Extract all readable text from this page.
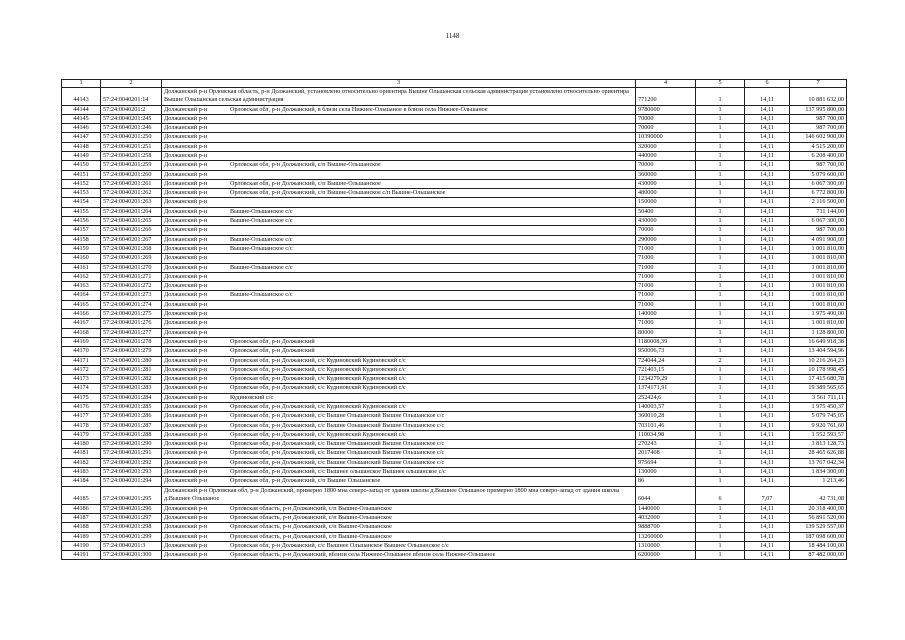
1148
1	2	3	4	5	6	7
44143	57:24:0040201:14	Должанский р-н Орловская область, р-н Должанский, установлено относительно ориентира Вышне Ольшанская сельская администрация установлено относительно ориентира Вышне Ольшанская сельская администрация	771200	1	14,11	10 881 632,00
44144	57:24:0040201:2	Должанский р-н Орловская обл, р-н Должанский, в близи села Нижнее-Ольшаное в близи села Нижнее-Ольшаное	9780000	1	14,11	137 995 800,00
44145	57:24:0040201:245	Должанский р-н	70000	1	14,11	987 700,00
44146	57:24:0040201:246	Должанский р-н	70000	1	14,11	987 700,00
44147	57:24:0040201:250	Должанский р-н	10390000	1	14,11	146 602 900,00
44148	57:24:0040201:251	Должанский р-н	320000	1	14,11	4 515 200,00
44149	57:24:0040201:258	Должанский р-н	440000	1	14,11	6 208 400,00
44150	57:24:0040201:259	Должанский р-н Орловская обл, р-н Должанский, с/п Вышне-Ольшанское	70000	1	14,11	987 700,00
44151	57:24:0040201:260	Должанский р-н	360000	1	14,11	5 079 600,00
44152	57:24:0040201:261	Должанский р-н Орловская обл, р-н Должанский, с/п Вышне-Ольшанское	430000	1	14,11	6 067 300,00
44153	57:24:0040201:262	Должанский р-н Орловская обл, р-н Должанский, с/п Вышне-Ольшанское с/п Вышне-Ольшанское	480000	1	14,11	6 772 800,00
44154	57:24:0040201:263	Должанский р-н	150000	1	14,11	2 116 500,00
44155	57:24:0040201:264	Должанский р-н Вышне-Ольшанское с/с	50400	1	14,11	711 144,00
44156	57:24:0040201:265	Должанский р-н Вышне-Ольшанское с/с	430000	1	14,11	6 067 300,00
44157	57:24:0040201:266	Должанский р-н	70000	1	14,11	987 700,00
44158	57:24:0040201:267	Должанский р-н Вышне-Ольшанское с/с	290000	1	14,11	4 091 900,00
44159	57:24:0040201:268	Должанский р-н Вышне-Ольшанское с/с	71000	1	14,11	1 001 810,00
44160	57:24:0040201:269	Должанский р-н	71000	1	14,11	1 001 810,00
44161	57:24:0040201:270	Должанский р-н Вышне-Ольшанское с/с	71000	1	14,11	1 001 810,00
44162	57:24:0040201:271	Должанский р-н	71000	1	14,11	1 001 810,00
44163	57:24:0040201:272	Должанский р-н	71000	1	14,11	1 001 810,00
44164	57:24:0040201:273	Должанский р-н Вышне-Ольшанское с/с	71000	1	14,11	1 001 810,00
44165	57:24:0040201:274	Должанский р-н	71000	1	14,11	1 001 810,00
44166	57:24:0040201:275	Должанский р-н	140000	1	14,11	1 975 400,00
44167	57:24:0040201:276	Должанский р-н	71000	1	14,11	1 001 810,00
44168	57:24:0040201:277	Должанский р-н	80000	1	14,11	1 128 800,00
44169	57:24:0040201:278	Должанский р-н Орловская обл, р-н Должанский	1180008,39	1	14,11	16 649 918,38
44170	57:24:0040201:279	Должанский р-н Орловская обл, р-н Должанский	950006,73	1	14,11	13 404 594,96
44171	57:24:0040201:280	Должанский р-н Орловская обл, р-н Должанский, с/с Кудиновский Кудиновский с/с	724044,24	2	14,11	10 216 264,23
44172	57:24:0040201:281	Должанский р-н Орловская обл, р-н Должанский, с/с Кудиновский Кудиновский с/с	721403,15	1	14,11	10 178 998,45
44173	57:24:0040201:282	Должанский р-н Орловская обл, р-н Должанский, с/с Кудиновский Кудиновский с/с	1234279,29	1	14,11	17 415 680,78
44174	57:24:0040201:283	Должанский р-н Орловская обл, р-н Должанский, с/с Кудиновский Кудиновский с/с	1374171,91	1	14,11	19 389 565,65
44175	57:24:0040201:284	Должанский р-н Кудиновский с/с	252424,6	1	14,11	3 561 711,11
44176	57:24:0040201:285	Должанский р-н Орловская обл, р-н Должанский, с/с Кудиновский Кудиновский с/с	140003,57	1	14,11	1 975 450,37
44177	57:24:0040201:286	Должанский р-н Орловская обл, р-н Должанский, с/с Вышне Ольшанский Вышне Ольшанское с/с	360010,28	1	14,11	5 079 745,05
44178	57:24:0040201:287	Должанский р-н Орловская обл, р-н Должанский, с/с Вышне Ольшанский Вышне Ольшанское с/с	703101,46	1	14,11	9 920 761,60
44179	57:24:0040201:288	Должанский р-н Орловская обл, р-н Должанский, с/с Кудиновский Кудиновский с/с	110034,98	1	14,11	1 552 593,57
44180	57:24:0040201:290	Должанский р-н Орловская обл, р-н Должанский, с/с Вышне Ольшанский Вышне Ольшанское с/с	270243	1	14,11	3 813 128,73
44181	57:24:0040201:291	Должанский р-н Орловская обл, р-н Должанский, с/с Вышне Ольшанский Вышне Ольшанское с/с	2017408	1	14,11	28 465 626,88
44182	57:24:0040201:292	Должанский р-н Орловская обл, р-н Должанский, с/с Вышне Ольшанский Вышне Ольшанское с/с	975694	1	14,11	13 767 042,34
44183	57:24:0040201:293	Должанский р-н Орловская обл, р-н Должанский, с/с Вышнее ольшанское Вышнее ольшанское с/с	130000	1	14,11	1 834 300,00
44184	57:24:0040201:294	Должанский р-н Орловская обл, р-н Должанский, с/п Вышне Ольшанское	86	1	14,11	1 213,46
44185	57:24:0040201:295	Должанский р-н Орловская обл, р-н Должанский, примерно 1800 мна северо-запад от здания школы д.Вышнее Ольшаное примерно 1800 мна северо-запад от здания школы д.Вышнее Ольшаное	6044	6	7,07	42 731,08
44186	57:24:0040201:296	Должанский р-н Орловская область, р-н Должанский, с/п Вышне-Ольшанское	1440000	1	14,11	20 318 400,00
44187	57:24:0040201:297	Должанский р-н Орловская область, р-н Должанский, с/п Вышне-Ольшанское	4032000	1	14,11	56 891 520,00
44188	57:24:0040201:298	Должанский р-н Орловская область, р-н Должанский, с/п Вышне-Ольшанское	9888700	1	14,11	139 529 557,00
44189	57:24:0040201:299	Должанский р-н Орловская область, р-н Должанский, с/п Вышне-Ольшанское	13260000	1	14,11	187 098 600,00
44190	57:24:0040201:3	Должанский р-н Орловская обл, р-н Должанский, с/с Вышнее Ольшанское Вышнее Ольшанское с/с	1310000	1	14,11	18 484 100,00
44191	57:24:0040201:300	Должанский р-н Орловская область, р-н Должанский, вблизи села Нижнее-Ольшаное вблизи села Нижнее-Ольшаное	6200000	1	14,11	87 482 000,00
